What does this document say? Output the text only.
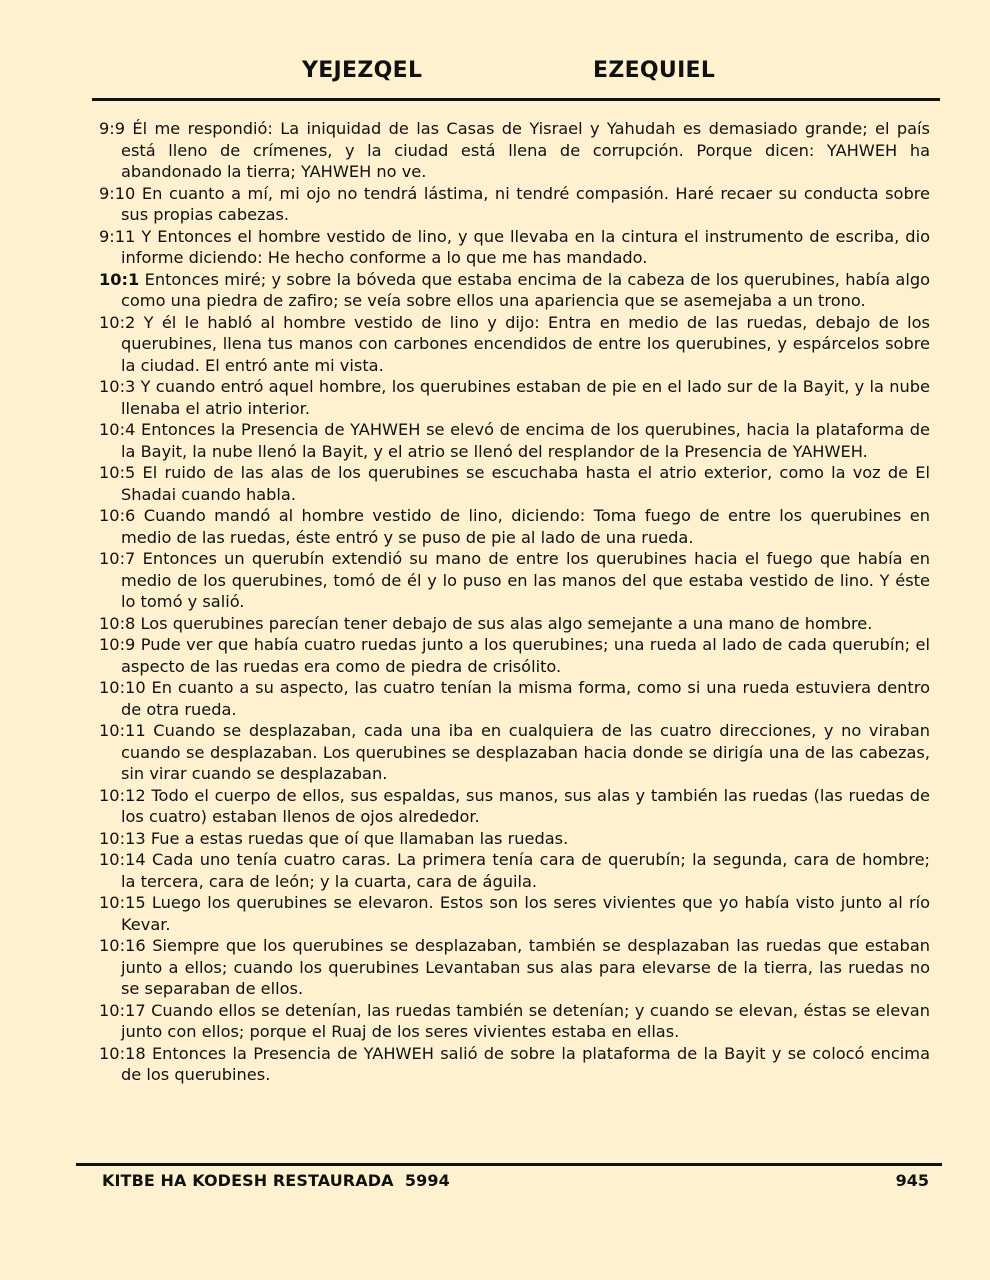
YEJEZQEL	EZEQUIEL

9:9 Él me respondió: La iniquidad de las Casas de Yisrael y Yahudah es demasiado grande; el país está lleno de crímenes, y la ciudad está llena de corrupción. Porque dicen: YAHWEH ha abandonado la tierra; YAHWEH no ve.

9:10 En cuanto a mí, mi ojo no tendrá lástima, ni tendré compasión. Haré recaer su conducta sobre sus propias cabezas.

9:11 Y Entonces el hombre vestido de lino, y que llevaba en la cintura el instrumento de escriba, dio informe diciendo: He hecho conforme a lo que me has mandado.

10:1 Entonces miré; y sobre la bóveda que estaba encima de la cabeza de los querubines, había algo como una piedra de zafiro; se veía sobre ellos una apariencia que se asemejaba a un trono.

10:2 Y él le habló al hombre vestido de lino y dijo: Entra en medio de las ruedas, debajo de los querubines, llena tus manos con carbones encendidos de entre los querubines, y espárcelos sobre la ciudad. El entró ante mi vista.

10:3 Y cuando entró aquel hombre, los querubines estaban de pie en el lado sur de la Bayit, y la nube llenaba el atrio interior.

10:4 Entonces la Presencia de YAHWEH se elevó de encima de los querubines, hacia la plataforma de la Bayit, la nube llenó la Bayit, y el atrio se llenó del resplandor de la Presencia de YAHWEH.

10:5 El ruido de las alas de los querubines se escuchaba hasta el atrio exterior, como la voz de El Shadai cuando habla.

10:6 Cuando mandó al hombre vestido de lino, diciendo: Toma fuego de entre los querubines en medio de las ruedas, éste entró y se puso de pie al lado de una rueda.

10:7 Entonces un querubín extendió su mano de entre los querubines hacia el fuego que había en medio de los querubines, tomó de él y lo puso en las manos del que estaba vestido de lino. Y éste lo tomó y salió.

10:8 Los querubines parecían tener debajo de sus alas algo semejante a una mano de hombre.

10:9 Pude ver que había cuatro ruedas junto a los querubines; una rueda al lado de cada querubín; el aspecto de las ruedas era como de piedra de crisólito.

10:10 En cuanto a su aspecto, las cuatro tenían la misma forma, como si una rueda estuviera dentro de otra rueda.

10:11 Cuando se desplazaban, cada una iba en cualquiera de las cuatro direcciones, y no viraban cuando se desplazaban. Los querubines se desplazaban hacia donde se dirigía una de las cabezas, sin virar cuando se desplazaban.

10:12 Todo el cuerpo de ellos, sus espaldas, sus manos, sus alas y también las ruedas (las ruedas de los cuatro) estaban llenos de ojos alrededor.

10:13 Fue a estas ruedas que oí que llamaban las ruedas.

10:14 Cada uno tenía cuatro caras. La primera tenía cara de querubín; la segunda, cara de hombre; la tercera, cara de león; y la cuarta, cara de águila.

10:15 Luego los querubines se elevaron. Estos son los seres vivientes que yo había visto junto al río Kevar.

10:16 Siempre que los querubines se desplazaban, también se desplazaban las ruedas que estaban junto a ellos; cuando los querubines Levantaban sus alas para elevarse de la tierra, las ruedas no se separaban de ellos.

10:17 Cuando ellos se detenían, las ruedas también se detenían; y cuando se elevan, éstas se elevan junto con ellos; porque el Ruaj de los seres vivientes estaba en ellas.

10:18 Entonces la Presencia de YAHWEH salió de sobre la plataforma de la Bayit y se colocó encima de los querubines.

KITBE HA KODESH RESTAURADA  5994	945
